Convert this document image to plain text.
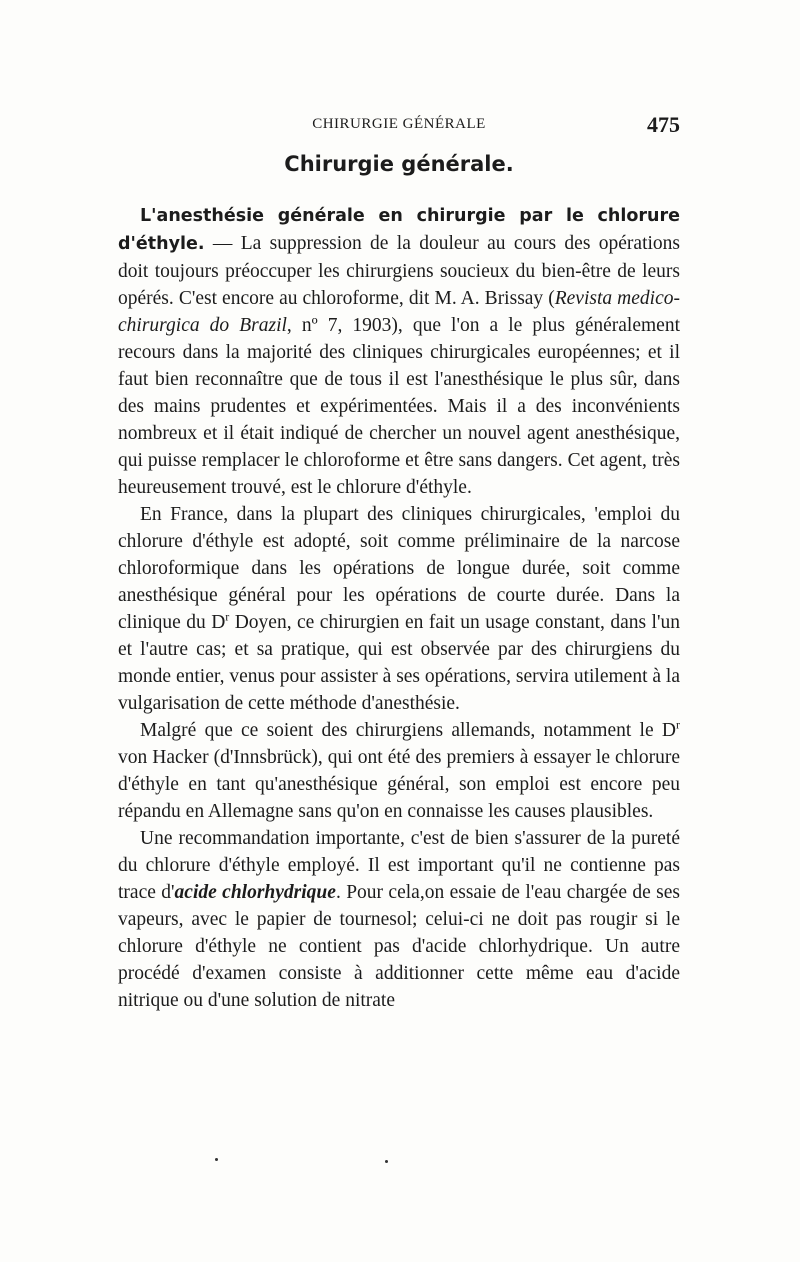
CHIRURGIE GÉNÉRALE	475
Chirurgie générale.

L'anesthésie générale en chirurgie par le chlorure d'éthyle. — La suppression de la douleur au cours des opérations doit toujours préoccuper les chirurgiens soucieux du bien-être de leurs opérés. C'est encore au chloroforme, dit M. A. Brissay (Revista medico-chirurgica do Brazil, nº 7, 1903), que l'on a le plus généralement recours dans la majorité des cliniques chirurgicales européennes; et il faut bien reconnaître que de tous il est l'anesthésique le plus sûr, dans des mains prudentes et expérimentées. Mais il a des inconvénients nombreux et il était indiqué de chercher un nouvel agent anesthésique, qui puisse remplacer le chloroforme et être sans dangers. Cet agent, très heureusement trouvé, est le chlorure d'éthyle.

En France, dans la plupart des cliniques chirurgicales, 'emploi du chlorure d'éthyle est adopté, soit comme préliminaire de la narcose chloroformique dans les opérations de longue durée, soit comme anesthésique général pour les opérations de courte durée. Dans la clinique du $D^r$ Doyen, ce chirurgien en fait un usage constant, dans l'un et l'autre cas; et sa pratique, qui est observée par des chirurgiens du monde entier, venus pour assister à ses opérations, servira utilement à la vulgarisation de cette méthode d'anesthésie.

Malgré que ce soient des chirurgiens allemands, notamment le $D^r$ von Hacker (d'Innsbrück), qui ont été des premiers à essayer le chlorure d'éthyle en tant qu'anesthésique général, son emploi est encore peu répandu en Allemagne sans qu'on en connaisse les causes plausibles.

Une recommandation importante, c'est de bien s'assurer de la pureté du chlorure d'éthyle employé. Il est important qu'il ne contienne pas trace d'acide chlorhydrique. Pour cela,on essaie de l'eau chargée de ses vapeurs, avec le papier de tournesol; celui-ci ne doit pas rougir si le chlorure d'éthyle ne contient pas d'acide chlorhydrique. Un autre procédé d'examen consiste à additionner cette même eau d'acide nitrique ou d'une solution de nitrate
